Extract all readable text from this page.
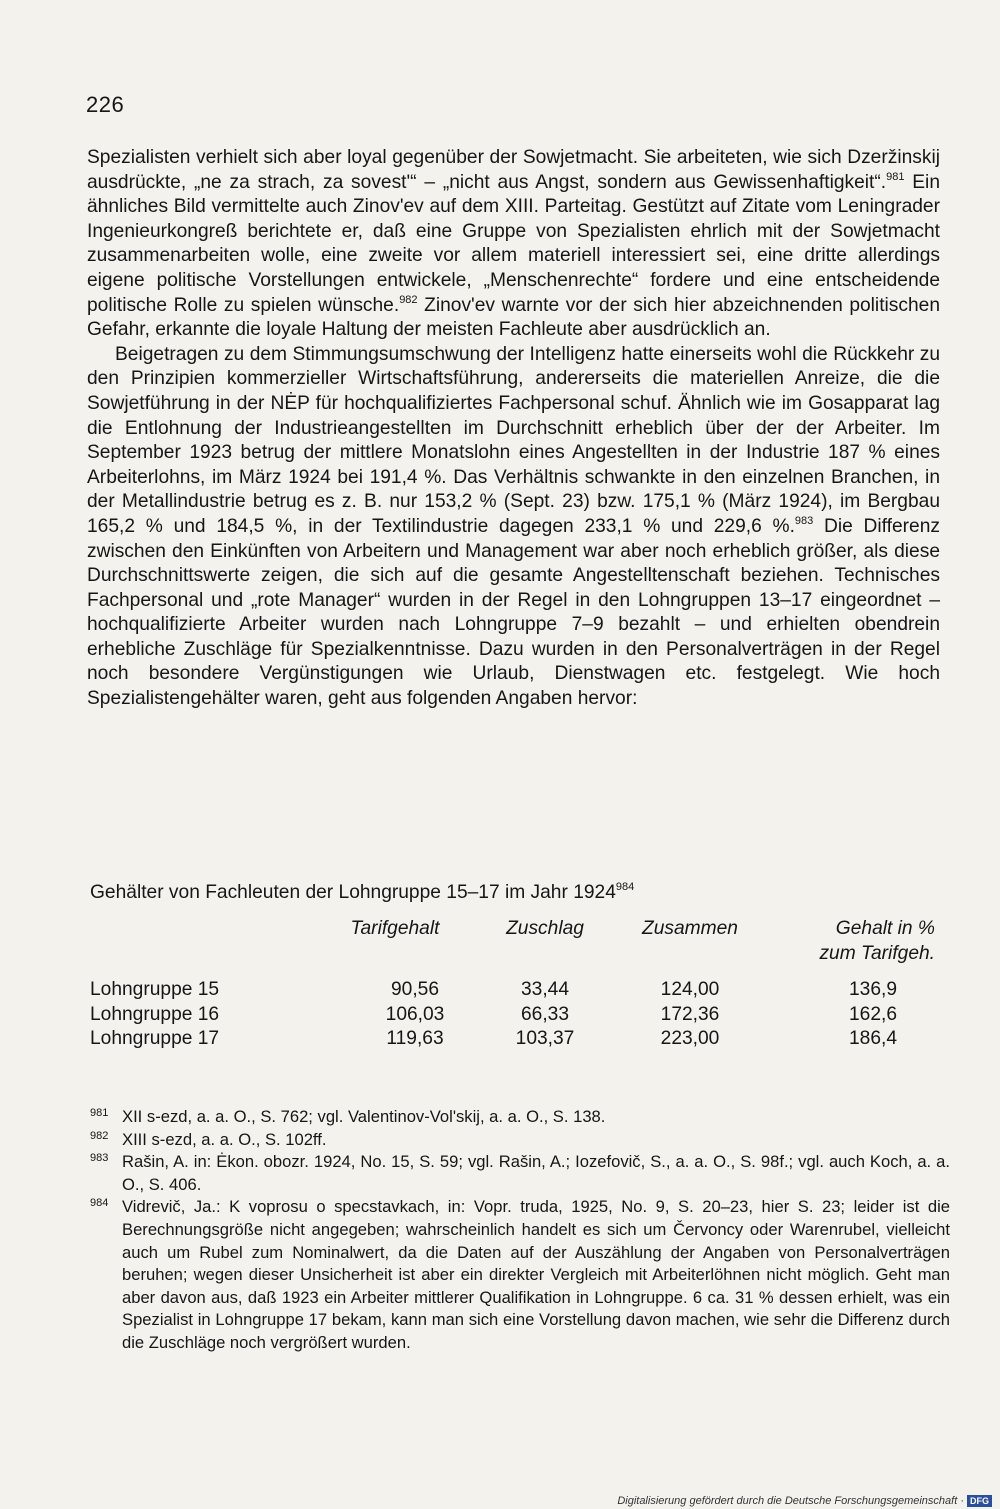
226

Spezialisten verhielt sich aber loyal gegenüber der Sowjetmacht. Sie arbeiteten, wie sich Dzeržinskij ausdrückte, „ne za strach, za sovest'“ – „nicht aus Angst, sondern aus Gewissenhaftigkeit“.$^{981}$ Ein ähnliches Bild vermittelte auch Zinov'ev auf dem XIII. Parteitag. Gestützt auf Zitate vom Leningrader Ingenieurkongreß berichtete er, daß eine Gruppe von Spezialisten ehrlich mit der Sowjetmacht zusammenarbeiten wolle, eine zweite vor allem materiell interessiert sei, eine dritte allerdings eigene politische Vorstellungen entwickele, „Menschenrechte“ fordere und eine entscheidende politische Rolle zu spielen wünsche.$^{982}$ Zinov'ev warnte vor der sich hier abzeichnenden politischen Gefahr, erkannte die loyale Haltung der meisten Fachleute aber ausdrücklich an.

Beigetragen zu dem Stimmungsumschwung der Intelligenz hatte einerseits wohl die Rückkehr zu den Prinzipien kommerzieller Wirtschaftsführung, andererseits die materiellen Anreize, die die Sowjetführung in der NĖP für hochqualifiziertes Fachpersonal schuf. Ähnlich wie im Gosapparat lag die Entlohnung der Industrieangestellten im Durchschnitt erheblich über der der Arbeiter. Im September 1923 betrug der mittlere Monatslohn eines Angestellten in der Industrie 187 % eines Arbeiterlohns, im März 1924 bei 191,4 %. Das Verhältnis schwankte in den einzelnen Branchen, in der Metallindustrie betrug es z. B. nur 153,2 % (Sept. 23) bzw. 175,1 % (März 1924), im Bergbau 165,2 % und 184,5 %, in der Textilindustrie dagegen 233,1 % und 229,6 %.$^{983}$ Die Differenz zwischen den Einkünften von Arbeitern und Management war aber noch erheblich größer, als diese Durchschnittswerte zeigen, die sich auf die gesamte Angestelltenschaft beziehen. Technisches Fachpersonal und „rote Manager“ wurden in der Regel in den Lohngruppen 13–17 eingeordnet – hochqualifizierte Arbeiter wurden nach Lohngruppe 7–9 bezahlt – und erhielten obendrein erhebliche Zuschläge für Spezialkenntnisse. Dazu wurden in den Personalverträgen in der Regel noch besondere Vergünstigungen wie Urlaub, Dienstwagen etc. festgelegt. Wie hoch Spezialistengehälter waren, geht aus folgenden Angaben hervor:

Gehälter von Fachleuten der Lohngruppe 15–17 im Jahr 1924$^{984}$
	Tarifgehalt	Zuschlag	Zusammen	Gehalt in %
zum Tarifgeh.
Lohngruppe 15	90,56	33,44	124,00	136,9
Lohngruppe 16	106,03	66,33	172,36	162,6
Lohngruppe 17	119,63	103,37	223,00	186,4

981 XII s-ezd, a. a. O., S. 762; vgl. Valentinov-Vol'skij, a. a. O., S. 138.

982 XIII s-ezd, a. a. O., S. 102ff.

983 Rašin, A. in: Ėkon. obozr. 1924, No. 15, S. 59; vgl. Rašin, A.; Iozefovič, S., a. a. O., S. 98f.; vgl. auch Koch, a. a. O., S. 406.

984 Vidrevič, Ja.: K voprosu o specstavkach, in: Vopr. truda, 1925, No. 9, S. 20–23, hier S. 23; leider ist die Berechnungsgröße nicht angegeben; wahrscheinlich handelt es sich um Červoncy oder Warenrubel, vielleicht auch um Rubel zum Nominalwert, da die Daten auf der Auszählung der Angaben von Personalverträgen beruhen; wegen dieser Unsicherheit ist aber ein direkter Vergleich mit Arbeiterlöhnen nicht möglich. Geht man aber davon aus, daß 1923 ein Arbeiter mittlerer Qualifikation in Lohngruppe. 6 ca. 31 % dessen erhielt, was ein Spezialist in Lohngruppe 17 bekam, kann man sich eine Vorstellung davon machen, wie sehr die Differenz durch die Zuschläge noch vergrößert wurden.

Digitalisierung gefördert durch die Deutsche Forschungsgemeinschaft · DFG
